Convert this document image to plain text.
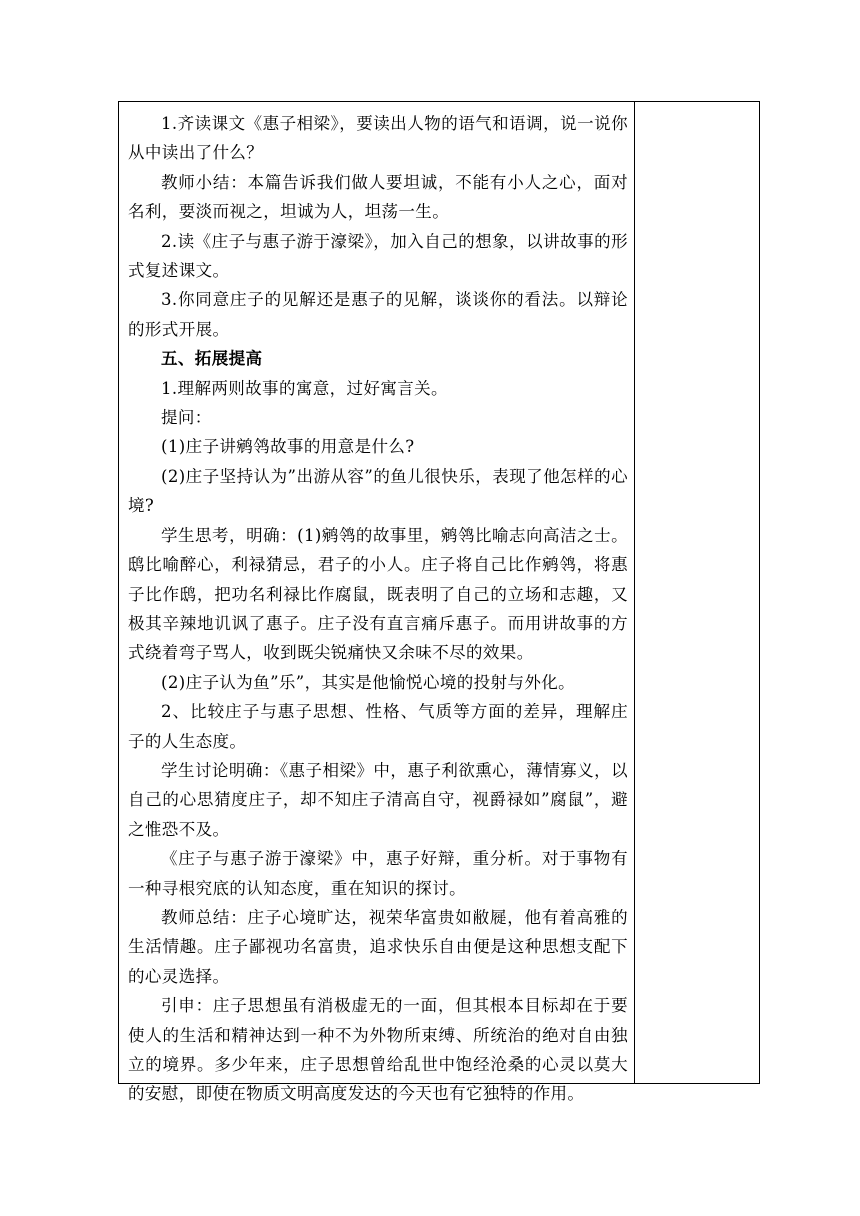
1.齐读课文《惠子相梁》，要读出人物的语气和语调，说一说你从中读出了什么？

教师小结：本篇告诉我们做人要坦诚，不能有小人之心，面对名利，要淡而视之，坦诚为人，坦荡一生。

2.读《庄子与惠子游于濠梁》，加入自己的想象，以讲故事的形式复述课文。

3.你同意庄子的见解还是惠子的见解，谈谈你的看法。以辩论的形式开展。

五、拓展提高

1.理解两则故事的寓意，过好寓言关。

提问：

(1)庄子讲鹓鸰故事的用意是什么?

(2)庄子坚持认为”出游从容”的鱼儿很快乐，表现了他怎样的心境?

学生思考，明确：(1)鹓鸰的故事里，鹓鸰比喻志向高洁之士。鸱比喻醉心，利禄猜忌，君子的小人。庄子将自己比作鹓鸰，将惠子比作鸱，把功名利禄比作腐鼠，既表明了自己的立场和志趣，又极其辛辣地讥讽了惠子。庄子没有直言痛斥惠子。而用讲故事的方式绕着弯子骂人，收到既尖锐痛快又余味不尽的效果。

(2)庄子认为鱼”乐”，其实是他愉悦心境的投射与外化。

2、比较庄子与惠子思想、性格、气质等方面的差异，理解庄子的人生态度。

学生讨论明确：《惠子相梁》中，惠子利欲熏心，薄情寡义，以自己的心思猜度庄子，却不知庄子清高自守，视爵禄如”腐鼠”，避之惟恐不及。

《庄子与惠子游于濠梁》中，惠子好辩，重分析。对于事物有一种寻根究底的认知态度，重在知识的探讨。

教师总结：庄子心境旷达，视荣华富贵如敝屣，他有着高雅的生活情趣。庄子鄙视功名富贵，追求快乐自由便是这种思想支配下的心灵选择。

引申：庄子思想虽有消极虚无的一面，但其根本目标却在于要使人的生活和精神达到一种不为外物所束缚、所统治的绝对自由独立的境界。多少年来，庄子思想曾给乱世中饱经沧桑的心灵以莫大的安慰，即使在物质文明高度发达的今天也有它独特的作用。
